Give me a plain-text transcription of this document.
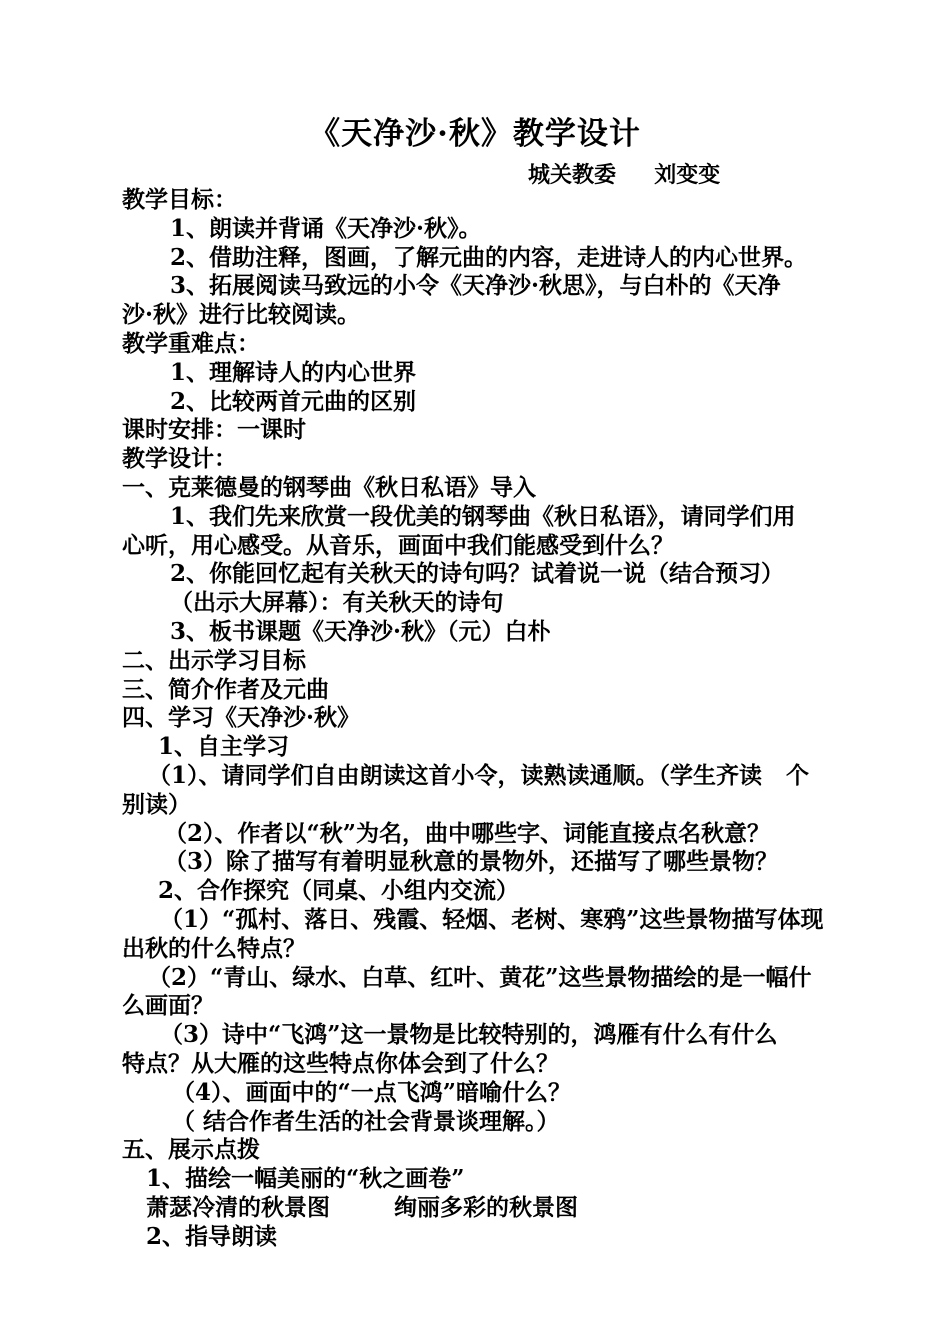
《天净沙·秋》教学设计
城关教委     刘变变
教学目标：
1、朗读并背诵《天净沙·秋》。
2、借助注释，图画，了解元曲的内容，走进诗人的内心世界。
3、拓展阅读马致远的小令《天净沙·秋思》，与白朴的《天净
沙·秋》进行比较阅读。
教学重难点：
1、理解诗人的内心世界
2、比较两首元曲的区别
课时安排：一课时
教学设计：
一、克莱德曼的钢琴曲《秋日私语》导入
1、我们先来欣赏一段优美的钢琴曲《秋日私语》，请同学们用
心听，用心感受。从音乐，画面中我们能感受到什么？
2、你能回忆起有关秋天的诗句吗？试着说一说（结合预习）
（出示大屏幕）：有关秋天的诗句
3、板书课题《天净沙·秋》（元）白朴
二、出示学习目标
三、简介作者及元曲
四、学习《天净沙·秋》
1、自主学习
（1）、请同学们自由朗读这首小令，读熟读通顺。（学生齐读   个
别读）
（2）、作者以“秋”为名，曲中哪些字、词能直接点名秋意？
（3）除了描写有着明显秋意的景物外，还描写了哪些景物？
2、合作探究（同桌、小组内交流）
（1）“孤村、落日、残霞、轻烟、老树、寒鸦”这些景物描写体现
出秋的什么特点？
（2）“青山、绿水、白草、红叶、黄花”这些景物描绘的是一幅什
么画面？
（3）诗中“飞鸿”这一景物是比较特别的，鸿雁有什么有什么
特点？从大雁的这些特点你体会到了什么？
（4）、画面中的“一点飞鸿”暗喻什么？
（ 结合作者生活的社会背景谈理解。）
五、展示点拨
1、描绘一幅美丽的“秋之画卷”
萧瑟冷清的秋景图        绚丽多彩的秋景图
2、指导朗读
